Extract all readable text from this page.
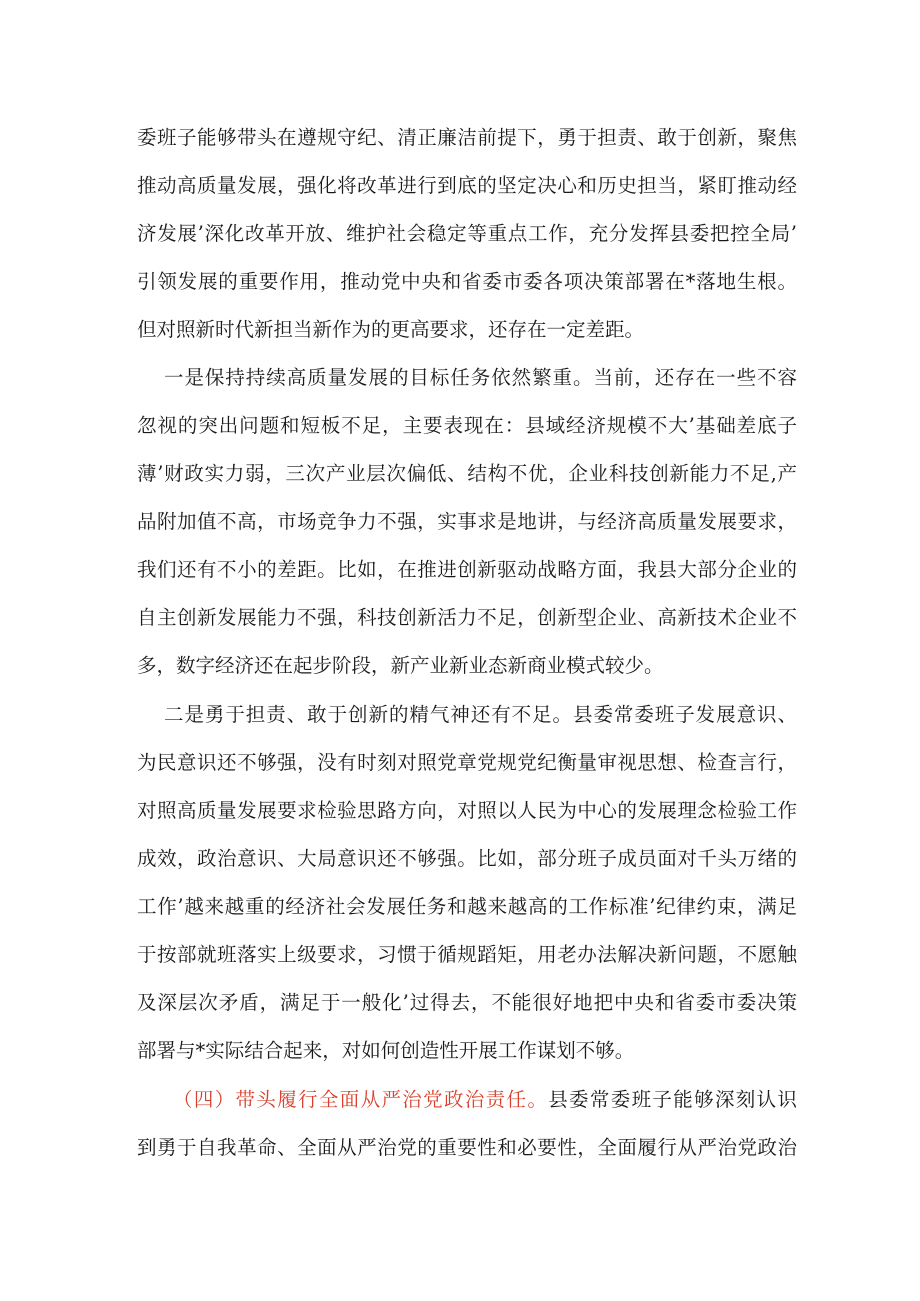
委班子能够带头在遵规守纪、清正廉洁前提下，勇于担责、敢于创新，聚焦
推动高质量发展，强化将改革进行到底的坚定决心和历史担当，紧盯推动经
济发展’深化改革开放、维护社会稳定等重点工作，充分发挥县委把控全局’
引领发展的重要作用，推动党中央和省委市委各项决策部署在*落地生根。
但对照新时代新担当新作为的更高要求，还存在一定差距。
一是保持持续高质量发展的目标任务依然繁重。当前，还存在一些不容
忽视的突出问题和短板不足，主要表现在：县域经济规模不大’基础差底子
薄’财政实力弱，三次产业层次偏低、结构不优，企业科技创新能力不足,产
品附加值不高，市场竞争力不强，实事求是地讲，与经济高质量发展要求，
我们还有不小的差距。比如，在推进创新驱动战略方面，我县大部分企业的
自主创新发展能力不强，科技创新活力不足，创新型企业、高新技术企业不
多，数字经济还在起步阶段，新产业新业态新商业模式较少。
二是勇于担责、敢于创新的精气神还有不足。县委常委班子发展意识、
为民意识还不够强，没有时刻对照党章党规党纪衡量审视思想、检查言行，
对照高质量发展要求检验思路方向，对照以人民为中心的发展理念检验工作
成效，政治意识、大局意识还不够强。比如，部分班子成员面对千头万绪的
工作’越来越重的经济社会发展任务和越来越高的工作标准’纪律约束，满足
于按部就班落实上级要求，习惯于循规蹈矩，用老办法解决新问题，不愿触
及深层次矛盾，满足于一般化’过得去，不能很好地把中央和省委市委决策
部署与*实际结合起来，对如何创造性开展工作谋划不够。
（四）带头履行全面从严治党政治责任。县委常委班子能够深刻认识
到勇于自我革命、全面从严治党的重要性和必要性，全面履行从严治党政治
